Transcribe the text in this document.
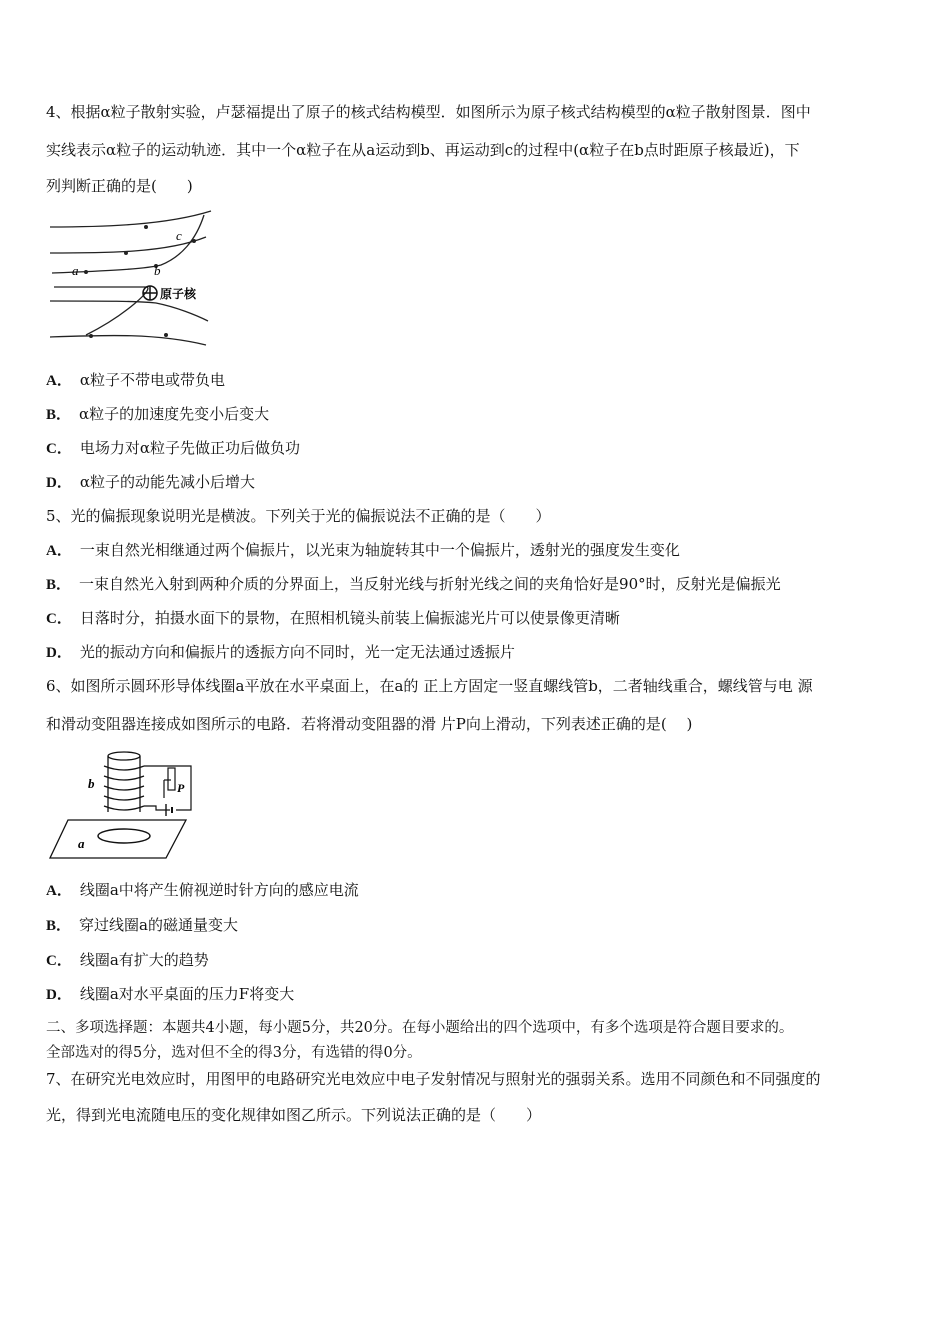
4、根据α粒子散射实验，卢瑟福提出了原子的核式结构模型．如图所示为原子核式结构模型的α粒子散射图景．图中
实线表示α粒子的运动轨迹．其中一个α粒子在从a运动到b、再运动到c的过程中(α粒子在b点时距原子核最近)，下
列判断正确的是(　　)
c
b
a
原子核
A． α粒子不带电或带负电
B． α粒子的加速度先变小后变大
C． 电场力对α粒子先做正功后做负功
D． α粒子的动能先减小后增大
5、光的偏振现象说明光是横波。下列关于光的偏振说法不正确的是（　　）
A． 一束自然光相继通过两个偏振片，以光束为轴旋转其中一个偏振片，透射光的强度发生变化
B． 一束自然光入射到两种介质的分界面上，当反射光线与折射光线之间的夹角恰好是90°时，反射光是偏振光
C． 日落时分，拍摄水面下的景物，在照相机镜头前装上偏振滤光片可以使景像更清晰
D． 光的振动方向和偏振片的透振方向不同时，光一定无法通过透振片
6、如图所示圆环形导体线圈a平放在水平桌面上，在a的 正上方固定一竖直螺线管b，二者轴线重合，螺线管与电 源
和滑动变阻器连接成如图所示的电路．若将滑动变阻器的滑 片P向上滑动，下列表述正确的是(　 )
a
b	P
A． 线圈a中将产生俯视逆时针方向的感应电流
B． 穿过线圈a的磁通量变大
C． 线圈a有扩大的趋势
D． 线圈a对水平桌面的压力F将变大
二、多项选择题：本题共4小题，每小题5分，共20分。在每小题给出的四个选项中，有多个选项是符合题目要求的。
全部选对的得5分，选对但不全的得3分，有选错的得0分。
7、在研究光电效应时，用图甲的电路研究光电效应中电子发射情况与照射光的强弱关系。选用不同颜色和不同强度的
光，得到光电流随电压的变化规律如图乙所示。下列说法正确的是（　　）
